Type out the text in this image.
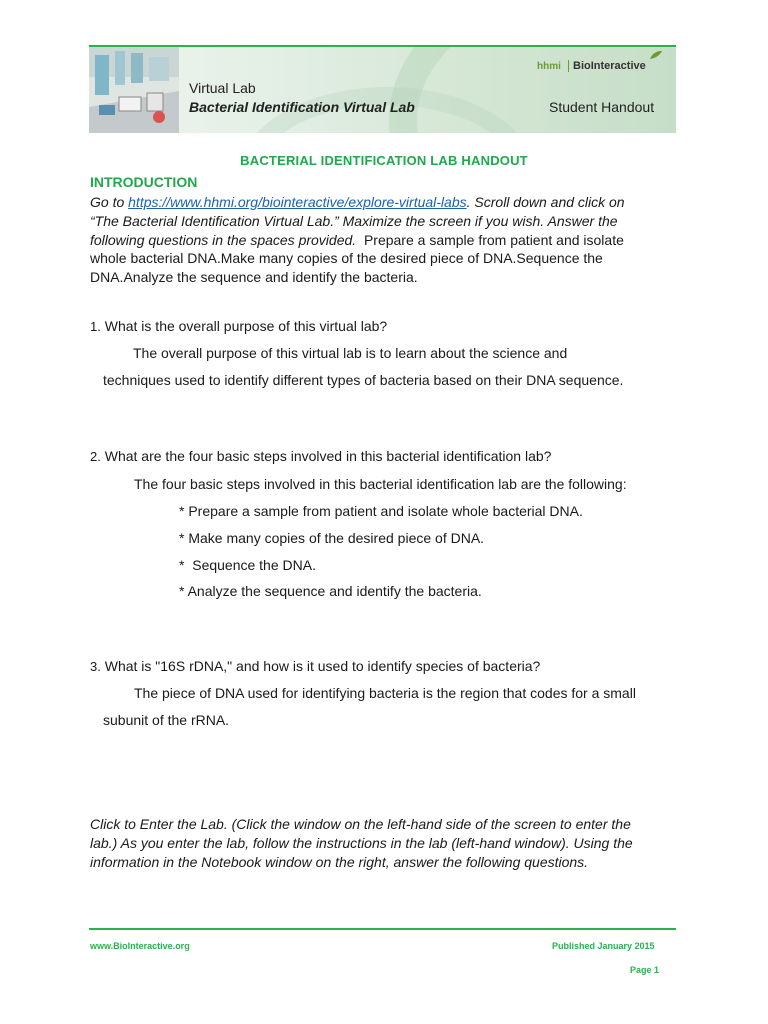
Virtual Lab
Bacterial Identification Virtual Lab	Student Handout
hhmi BioInteractive
BACTERIAL IDENTIFICATION LAB HANDOUT
INTRODUCTION
Go to https://www.hhmi.org/biointeractive/explore-virtual-labs. Scroll down and click on
“The Bacterial Identification Virtual Lab.” Maximize the screen if you wish. Answer the
following questions in the spaces provided.  Prepare a sample from patient and isolate
whole bacterial DNA.Make many copies of the desired piece of DNA.Sequence the
DNA.Analyze the sequence and identify the bacteria.
1. What is the overall purpose of this virtual lab?
The overall purpose of this virtual lab is to learn about the science and
techniques used to identify different types of bacteria based on their DNA sequence.
2. What are the four basic steps involved in this bacterial identification lab?
The four basic steps involved in this bacterial identification lab are the following:
* Prepare a sample from patient and isolate whole bacterial DNA.
* Make many copies of the desired piece of DNA.
*  Sequence the DNA.
* Analyze the sequence and identify the bacteria.
3. What is "16S rDNA," and how is it used to identify species of bacteria?
The piece of DNA used for identifying bacteria is the region that codes for a small
subunit of the rRNA.
Click to Enter the Lab. (Click the window on the left-hand side of the screen to enter the
lab.) As you enter the lab, follow the instructions in the lab (left-hand window). Using the
information in the Notebook window on the right, answer the following questions.
www.BioInteractive.org	Published January 2015
Page 1
